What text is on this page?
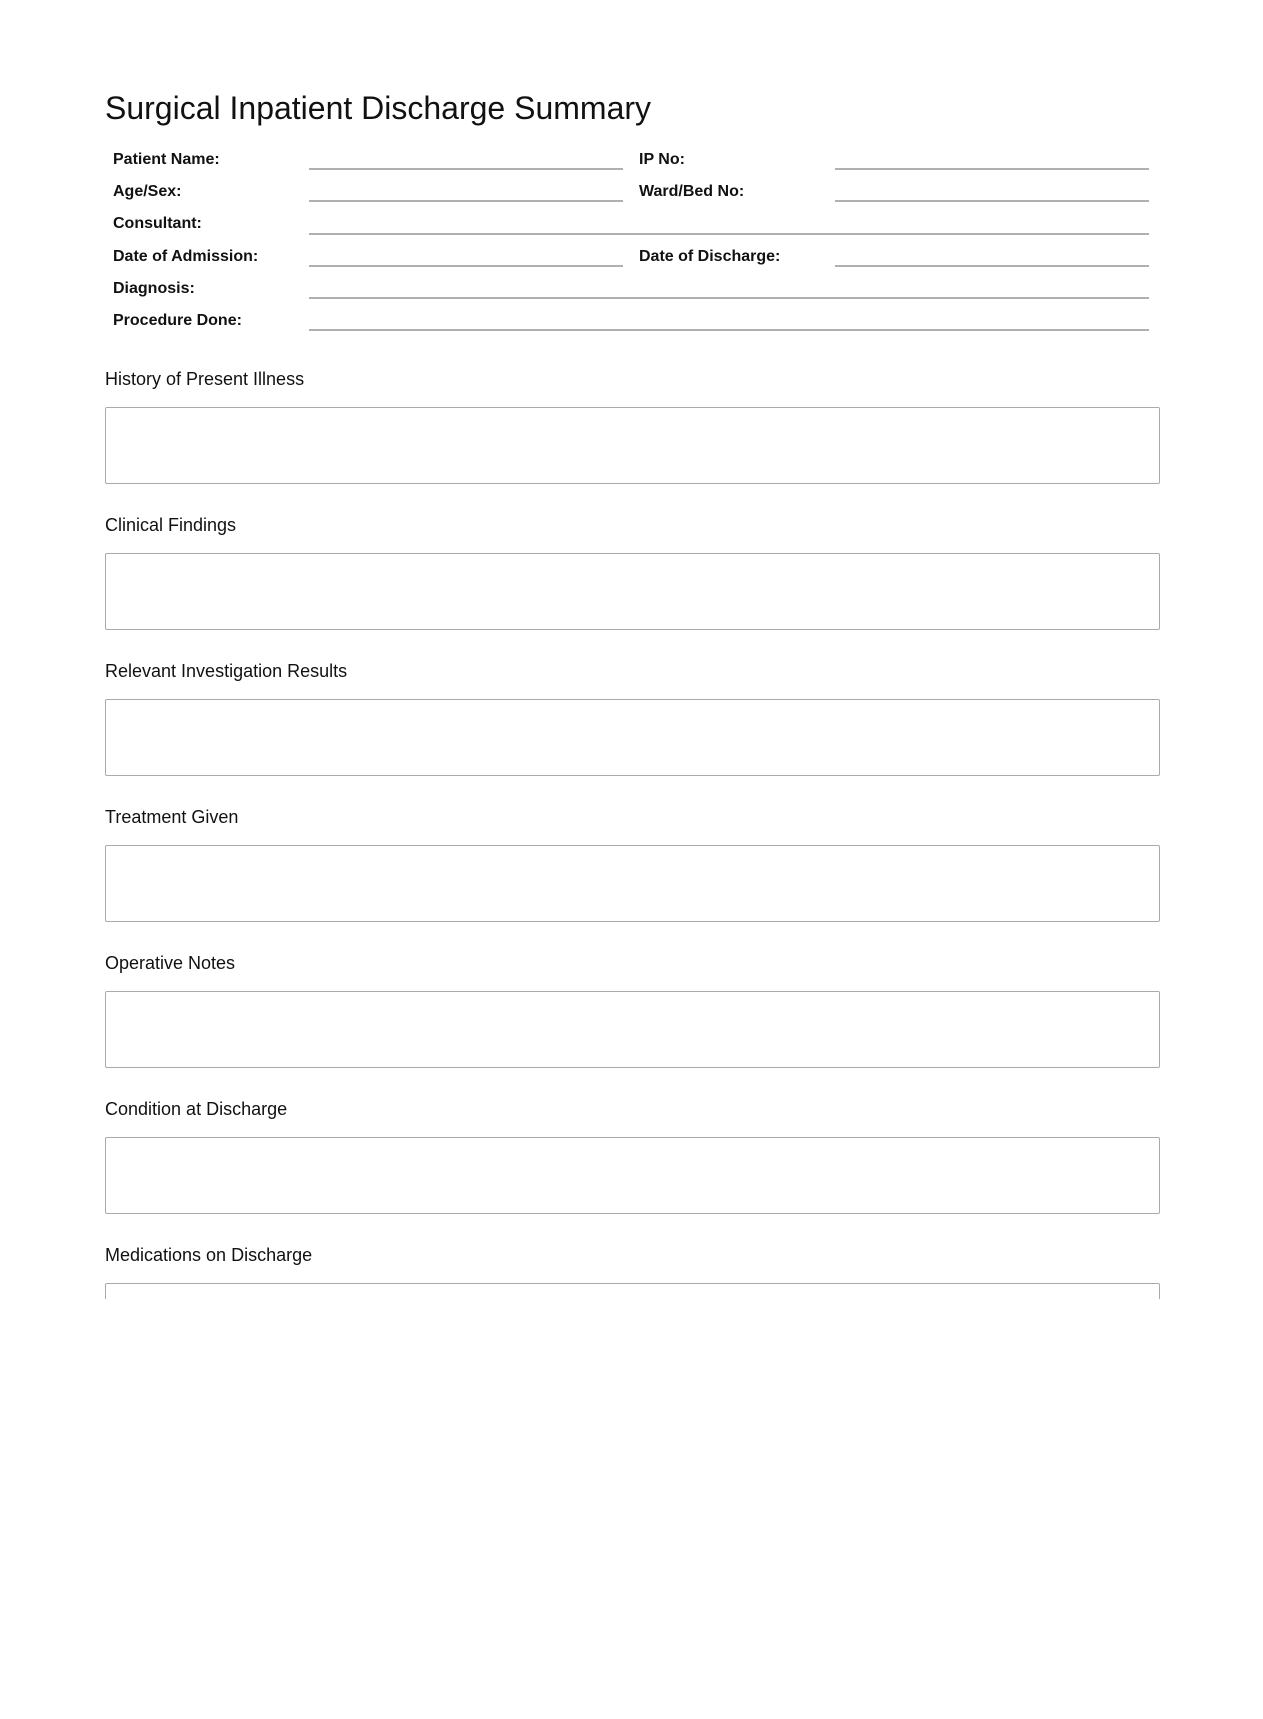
Surgical Inpatient Discharge Summary
Patient Name:	IP No:
Age/Sex:	Ward/Bed No:
Consultant:
Date of Admission:	Date of Discharge:
Diagnosis:
Procedure Done:
History of Present Illness
Clinical Findings
Relevant Investigation Results
Treatment Given
Operative Notes
Condition at Discharge
Medications on Discharge
